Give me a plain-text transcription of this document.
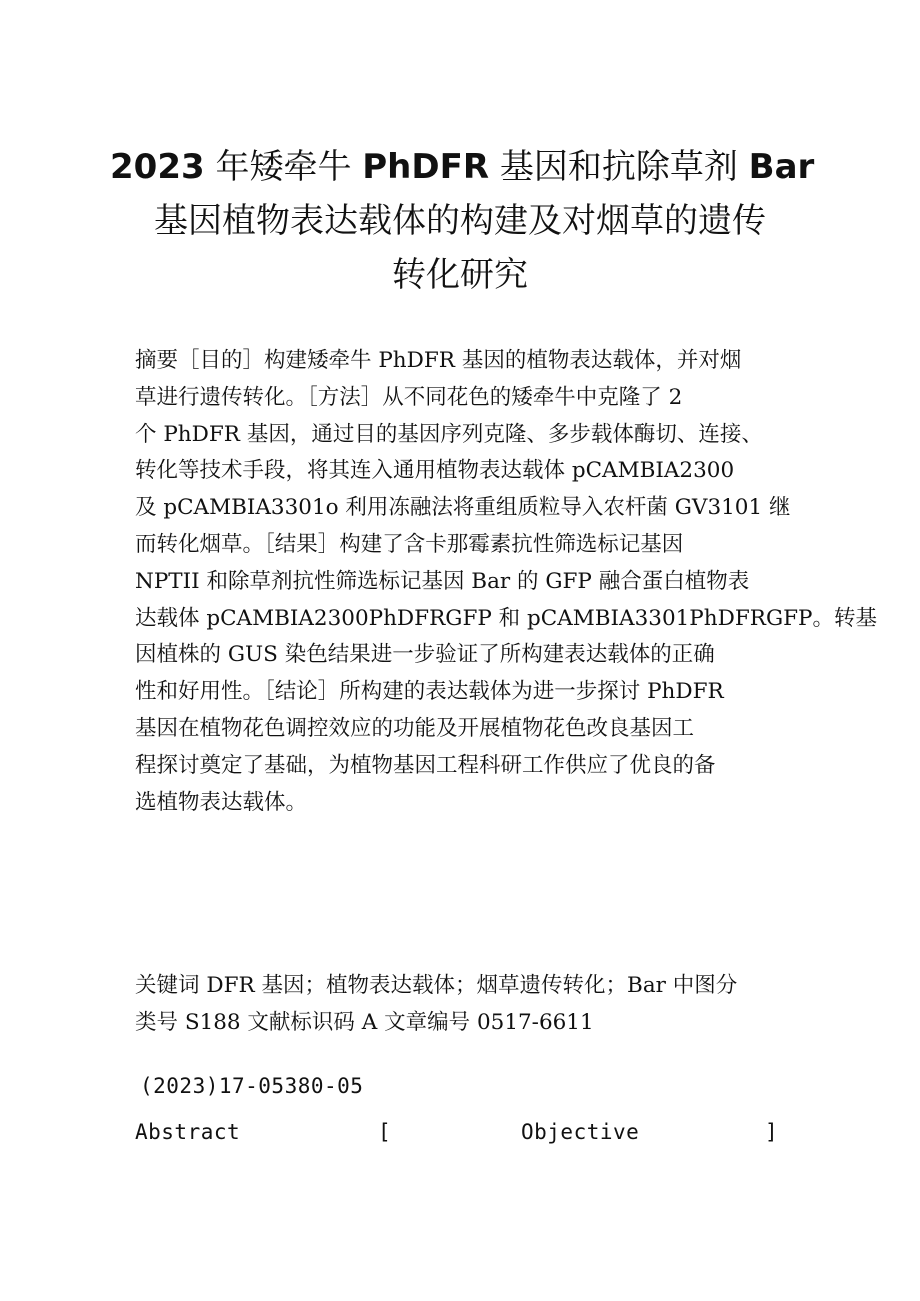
2023 年矮牵牛 PhDFR 基因和抗除草剂 Bar
基因植物表达载体的构建及对烟草的遗传
转化研究
摘要［目的］构建矮牵牛 PhDFR 基因的植物表达载体，并对烟
草进行遗传转化。［方法］从不同花色的矮牵牛中克隆了 2
个 PhDFR 基因，通过目的基因序列克隆、多步载体酶切、连接、
转化等技术手段，将其连入通用植物表达载体 pCAMBIA2300
及 pCAMBIA3301o 利用冻融法将重组质粒导入农杆菌 GV3101 继
而转化烟草。［结果］构建了含卡那霉素抗性筛选标记基因
NPTII 和除草剂抗性筛选标记基因 Bar 的 GFP 融合蛋白植物表
达载体 pCAMBIA2300PhDFRGFP 和 pCAMBIA3301PhDFRGFP。转基
因植株的 GUS 染色结果进一步验证了所构建表达载体的正确
性和好用性。［结论］所构建的表达载体为进一步探讨 PhDFR
基因在植物花色调控效应的功能及开展植物花色改良基因工
程探讨奠定了基础，为植物基因工程科研工作供应了优良的备
选植物表达载体。
关键词 DFR 基因；植物表达载体；烟草遗传转化；Bar 中图分
类号 S188 文献标识码 A 文章编号 0517-6611
(2023)17-05380-05
Abstract	[	Objective	]
